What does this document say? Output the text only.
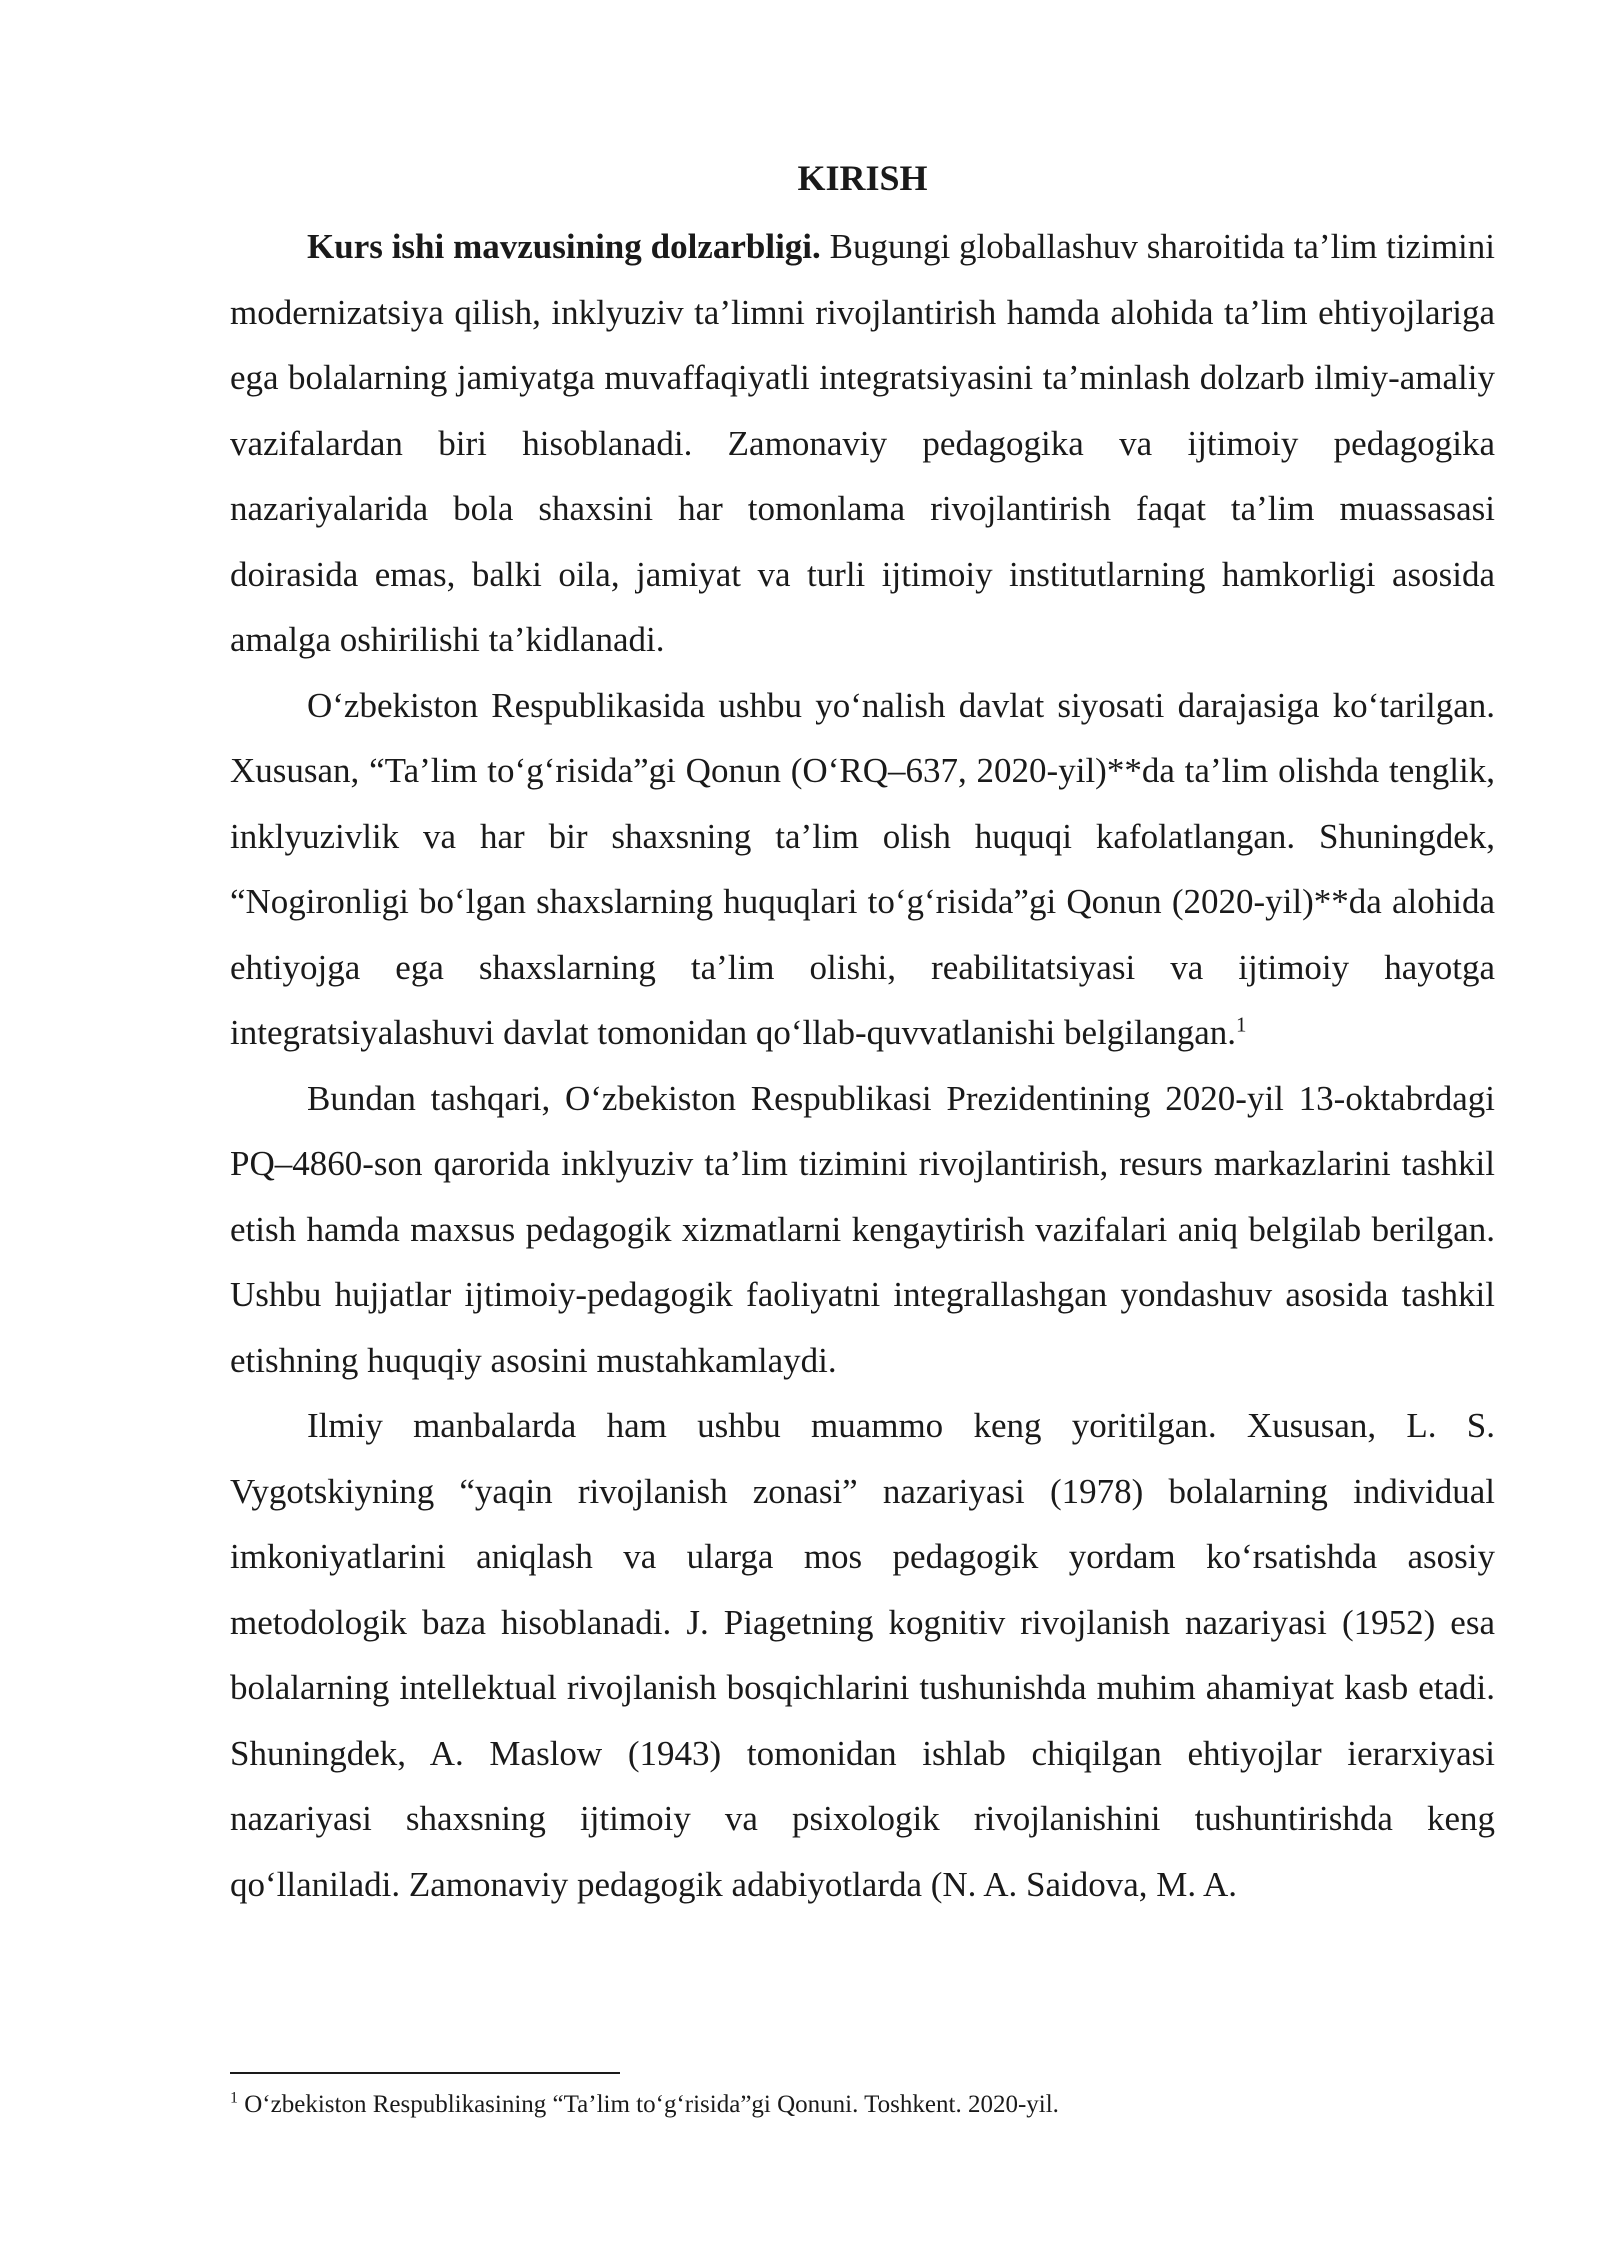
KIRISH

Kurs ishi mavzusining dolzarbligi. Bugungi globallashuv sharoitida ta’lim tizimini modernizatsiya qilish, inklyuziv ta’limni rivojlantirish hamda alohida ta’lim ehtiyojlariga ega bolalarning jamiyatga muvaffaqiyatli integratsiyasini ta’minlash dolzarb ilmiy-amaliy vazifalardan biri hisoblanadi. Zamonaviy pedagogika va ijtimoiy pedagogika nazariyalarida bola shaxsini har tomonlama rivojlantirish faqat ta’lim muassasasi doirasida emas, balki oila, jamiyat va turli ijtimoiy institutlarning hamkorligi asosida amalga oshirilishi ta’kidlanadi.

O‘zbekiston Respublikasida ushbu yo‘nalish davlat siyosati darajasiga ko‘tarilgan. Xususan, “Ta’lim to‘g‘risida”gi Qonun (O‘RQ–637, 2020-yil)**da ta’lim olishda tenglik, inklyuzivlik va har bir shaxsning ta’lim olish huquqi kafolatlangan. Shuningdek, “Nogironligi bo‘lgan shaxslarning huquqlari to‘g‘risida”gi Qonun (2020-yil)**da alohida ehtiyojga ega shaxslarning ta’lim olishi, reabilitatsiyasi va ijtimoiy hayotga integratsiyalashuvi davlat tomonidan qo‘llab-quvvatlanishi belgilangan.$^1$

Bundan tashqari, O‘zbekiston Respublikasi Prezidentining 2020-yil 13-oktabrdagi PQ–4860-son qarorida inklyuziv ta’lim tizimini rivojlantirish, resurs markazlarini tashkil etish hamda maxsus pedagogik xizmatlarni kengaytirish vazifalari aniq belgilab berilgan. Ushbu hujjatlar ijtimoiy-pedagogik faoliyatni integrallashgan yondashuv asosida tashkil etishning huquqiy asosini mustahkamlaydi.

Ilmiy manbalarda ham ushbu muammo keng yoritilgan. Xususan, L. S. Vygotskiyning “yaqin rivojlanish zonasi” nazariyasi (1978) bolalarning individual imkoniyatlarini aniqlash va ularga mos pedagogik yordam ko‘rsatishda asosiy metodologik baza hisoblanadi. J. Piagetning kognitiv rivojlanish nazariyasi (1952) esa bolalarning intellektual rivojlanish bosqichlarini tushunishda muhim ahamiyat kasb etadi. Shuningdek, A. Maslow (1943) tomonidan ishlab chiqilgan ehtiyojlar ierarxiyasi nazariyasi shaxsning ijtimoiy va psixologik rivojlanishini tushuntirishda keng qo‘llaniladi. Zamonaviy pedagogik adabiyotlarda (N. A. Saidova, M. A.

$^1$ O‘zbekiston Respublikasining “Ta’lim to‘g‘risida”gi Qonuni. Toshkent. 2020-yil.
